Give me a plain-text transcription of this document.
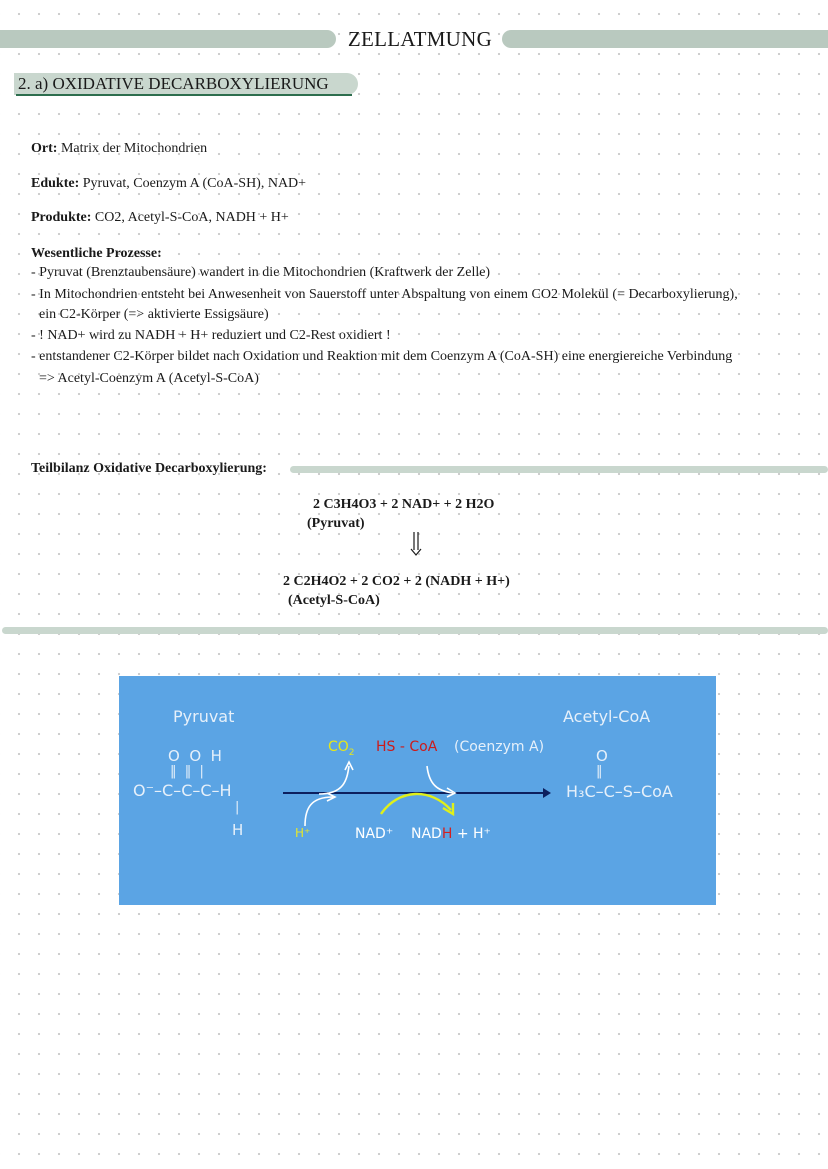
ZELLATMUNG
2. a) OXIDATIVE DECARBOXYLIERUNG
Ort: Matrix der Mitochondrien
Edukte: Pyruvat, Coenzym A (CoA-SH), NAD+
Produkte: CO2, Acetyl-S-CoA, NADH + H+
Wesentliche Prozesse:
- Pyruvat (Brenztaubensäure) wandert in die Mitochondrien (Kraftwerk der Zelle)
- In Mitochondrien entsteht bei Anwesenheit von Sauerstoff unter Abspaltung von einem CO2 Molekül (= Decarboxylierung),
ein C2-Körper (=> aktivierte Essigsäure)
- ! NAD+ wird zu NADH + H+ reduziert und C2-Rest oxidiert !
- entstandener C2-Körper bildet nach Oxidation und Reaktion mit dem Coenzym A (CoA-SH) eine energiereiche Verbindung
=> Acetyl-Coenzym A (Acetyl-S-CoA)
Teilbilanz Oxidative Decarboxylierung:
2 C3H4O3 + 2 NAD+ + 2 H2O
(Pyruvat)
2 C2H4O2 + 2 CO2 + 2 (NADH + H+)
(Acetyl-S-CoA)
Pyruvat	Acetyl-CoA
O  O  H
‖  ‖  |
O⁻–C–C–C–H
|
H
$CO_2$ HS - CoA (Coenzym A)
H⁺	NAD⁺ NADH + H⁺
O
‖
H₃C–C–S–CoA
